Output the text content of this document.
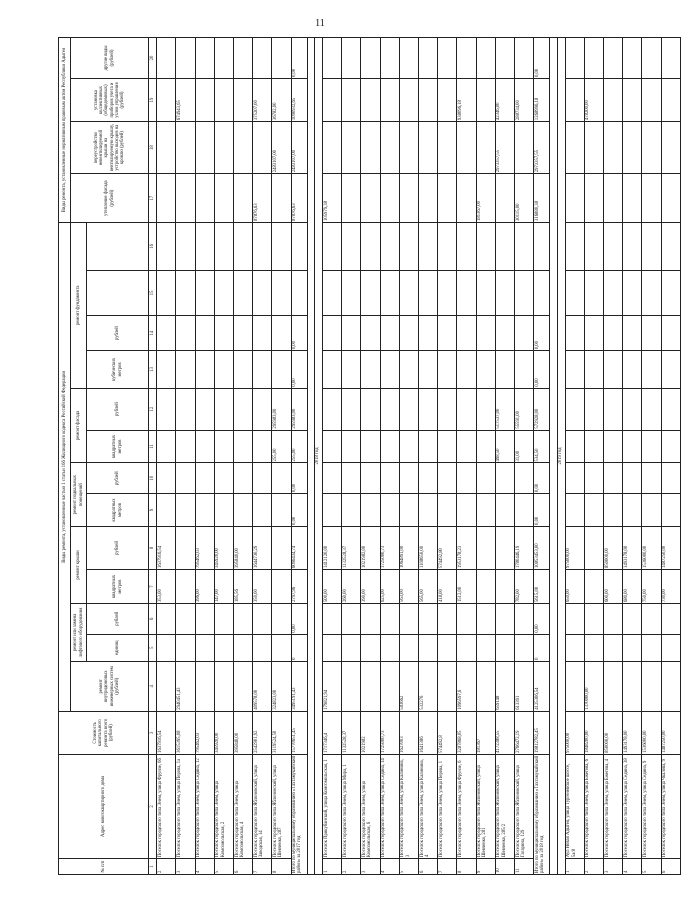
11
№ п/п	Адрес многоквартирного дома	Стоимость капитального ремонта всего (рублей)	Виды ремонта, установленные частью 1 статьи 166 Жилищного кодекса Российской Федерации													Виды ремонта, установленные нормативным правовым актом Республики Адыгея			
			ремонт внутридомовых инженерных систем (рублей)	ремонт или замена лифтового оборудования		ремонт крыши		ремонт подвальных помещений		ремонт фасада		ремонт фундамента				утепление фасада (рублей)	переустройство невентилируемой крыши на вентилируемую крышу, устройство выходов на кровлю (рублей)	установка коллективных (общедомовых) приборов учета и узлов управления (рублей)	другие виды (рублей)
				единиц	рублей	квадратных метров	рублей	квадратных метров	рублей	квадратных метров	рублей	кубических метров	рублей						
1	2	3	4	5	6	7	8	9	10	11	12	13	14	15	16	17	18	19	20
2	Поселок городского типа Энем, улица Фрунзе, 6б	1637916,54				353,00	1637916,54												
3	Поселок городского типа Энем, улица Перова, 1а	3615395,08	2940451,43															674943,65	
4	Поселок городского типа Энем, улица Седина, 12	795462,03				396,00	795462,03												
5	Поселок городского типа Энем, улица Комсомольская, 2	345920,00				147,00	345920,00												
6	Поселок городского типа Энем, улица Комсомольская, 4	395840,00				185,56	395840,00												
7	Поселок городского типа Яблоновский, улица Заводская, 14	2542901,92	409578,00			350,00	1644730,29									87876,63		375207,00	
8	Поселок городского типа Яблоновский, улица Шевченко, 287	3119524,50	324823,00							255,00	295983,00						2483107,00	36782,00	
Итого по муниципальному образованию «Тахтамукайский район» за 2017 год		15770651,45	3495191,43	0	0,00	2797,96	6096434,74	0,00	0,00	255,00	295983,00	0,00	0,00			87876,63	2483107,00	1090932,65	0,00

2018 год																			
1	Поселок Прикубанский, улица Комсомольская, 1	1717346,4	179821,94			500,00	1412120,00									105979,38			
2	Поселок городского типа Энем, улица Мира, 1	1132528,37				260,00	1132528,37												
3	Поселок городского типа Энем, улица Комсомольская, 6	1021982				390,00	1021982,00												
4	Поселок городского типа Энем, улица Седина, 14	1725000,73				625,00	1725000,73												
5	Поселок городского типа Энем, улица Калинина, 3	1627003	583662			563,00	1064891,00												
6	Поселок городского типа Энем, улица Калинина, 4	1641386	532276			565,00	1108650,00												
7	Поселок городского типа Энем, улица Перова, 1	574492,8				418,00	574492,80												
8	Поселок городского типа Энем, улица Фрунзе, 6	3287868,05	1096597,6			1512,00	1953178,23											938096,18	
9	Поселок городского типа Яблоновский, улица Шевченко, 281	181367														181367,00			
10	Поселок городского типа Яблоновский, улица Шевченко, 285/2	4172388,55	659148							498,50	517537,00						2973357,55	42346,00	
11	Поселок городского типа Яблоновский, улица Гагарина, 129	2766472,19	613391			782,00	1780446,19			31,00	55591,00					30115,00		288734,00	
Итого по муниципальному образованию «Тахтамукайский район» за 2018 год		19812782,45	4125306,54	0	0,00	5615,00	10853453,00	0,00	0,00	534,50	572928,00	0,00	0,00			316880,38	2973357,55	1268996,18	0,00

2019 год																			
1	Аул Новая Адыгея, улица Тургеневское шоссе, 5а/8	975000,00				650,00	975000,00												
2	Поселок городского типа Энем, улица Бжегова, 6	1848200,00	1370000,00															478200,00	
3	Поселок городского типа Энем, улица Бжегова, 4	850000,00				600,00	850000,00												
4	Поселок городского типа Энем, улица Седина, 38	1493178,00				680,00	1493178,00												
5	Поселок городского типа Энем, улица Седина, 9	1536000,00				750,00	1536000,00												
6	Поселок городского типа Энем, улица Чкалова, 9	1487250,00				730,00	1487250,00												
